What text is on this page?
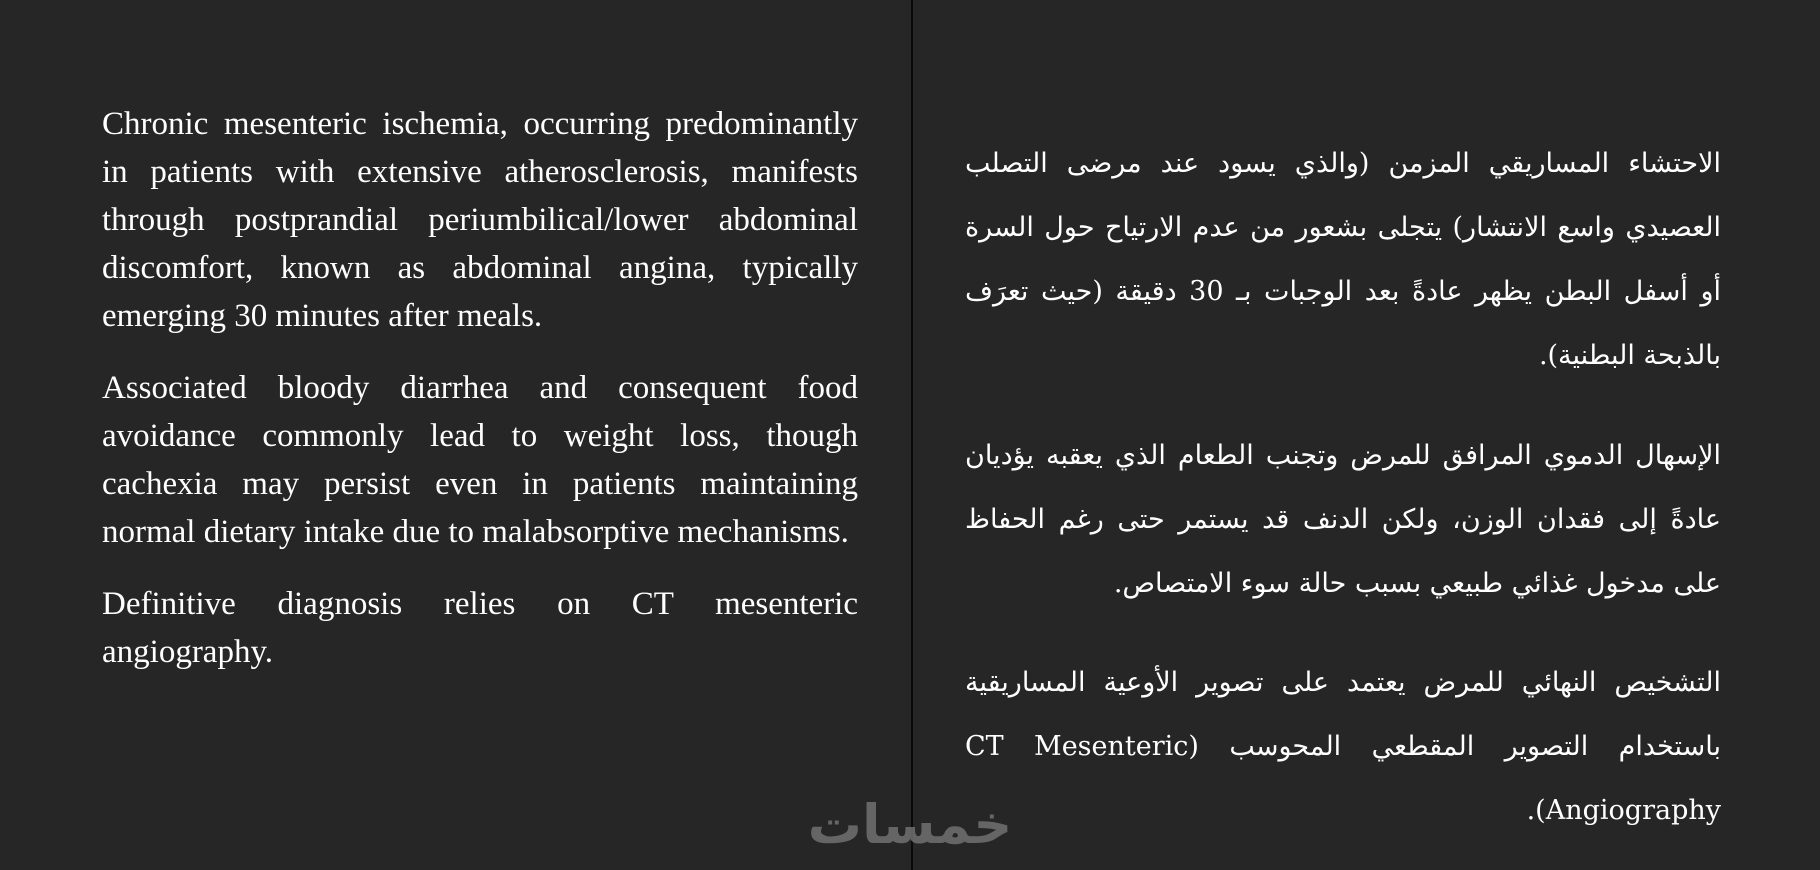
Chronic mesenteric ischemia, occurring predominantly in patients with extensive atherosclerosis, manifests through postprandial periumbilical/lower abdominal discomfort, known as abdominal angina, typically emerging 30 minutes after meals.

Associated bloody diarrhea and consequent food avoidance commonly lead to weight loss, though cachexia may persist even in patients maintaining normal dietary intake due to malabsorptive mechanisms.

Definitive diagnosis relies on CT mesenteric angiography.

الاحتشاء المساريقي المزمن (والذي يسود عند مرضى التصلب العصيدي واسع الانتشار) يتجلى بشعور من عدم الارتياح حول السرة أو أسفل البطن يظهر عادةً بعد الوجبات بـ 30 دقيقة (حيث تعرَف بالذبحة البطنية).

الإسهال الدموي المرافق للمرض وتجنب الطعام الذي يعقبه يؤديان عادةً إلى فقدان الوزن، ولكن الدنف قد يستمر حتى رغم الحفاظ على مدخول غذائي طبيعي بسبب حالة سوء الامتصاص.

التشخيص النهائي للمرض يعتمد على تصوير الأوعية المساريقية باستخدام التصوير المقطعي المحوسب (CT Mesenteric Angiography).

خمسات
